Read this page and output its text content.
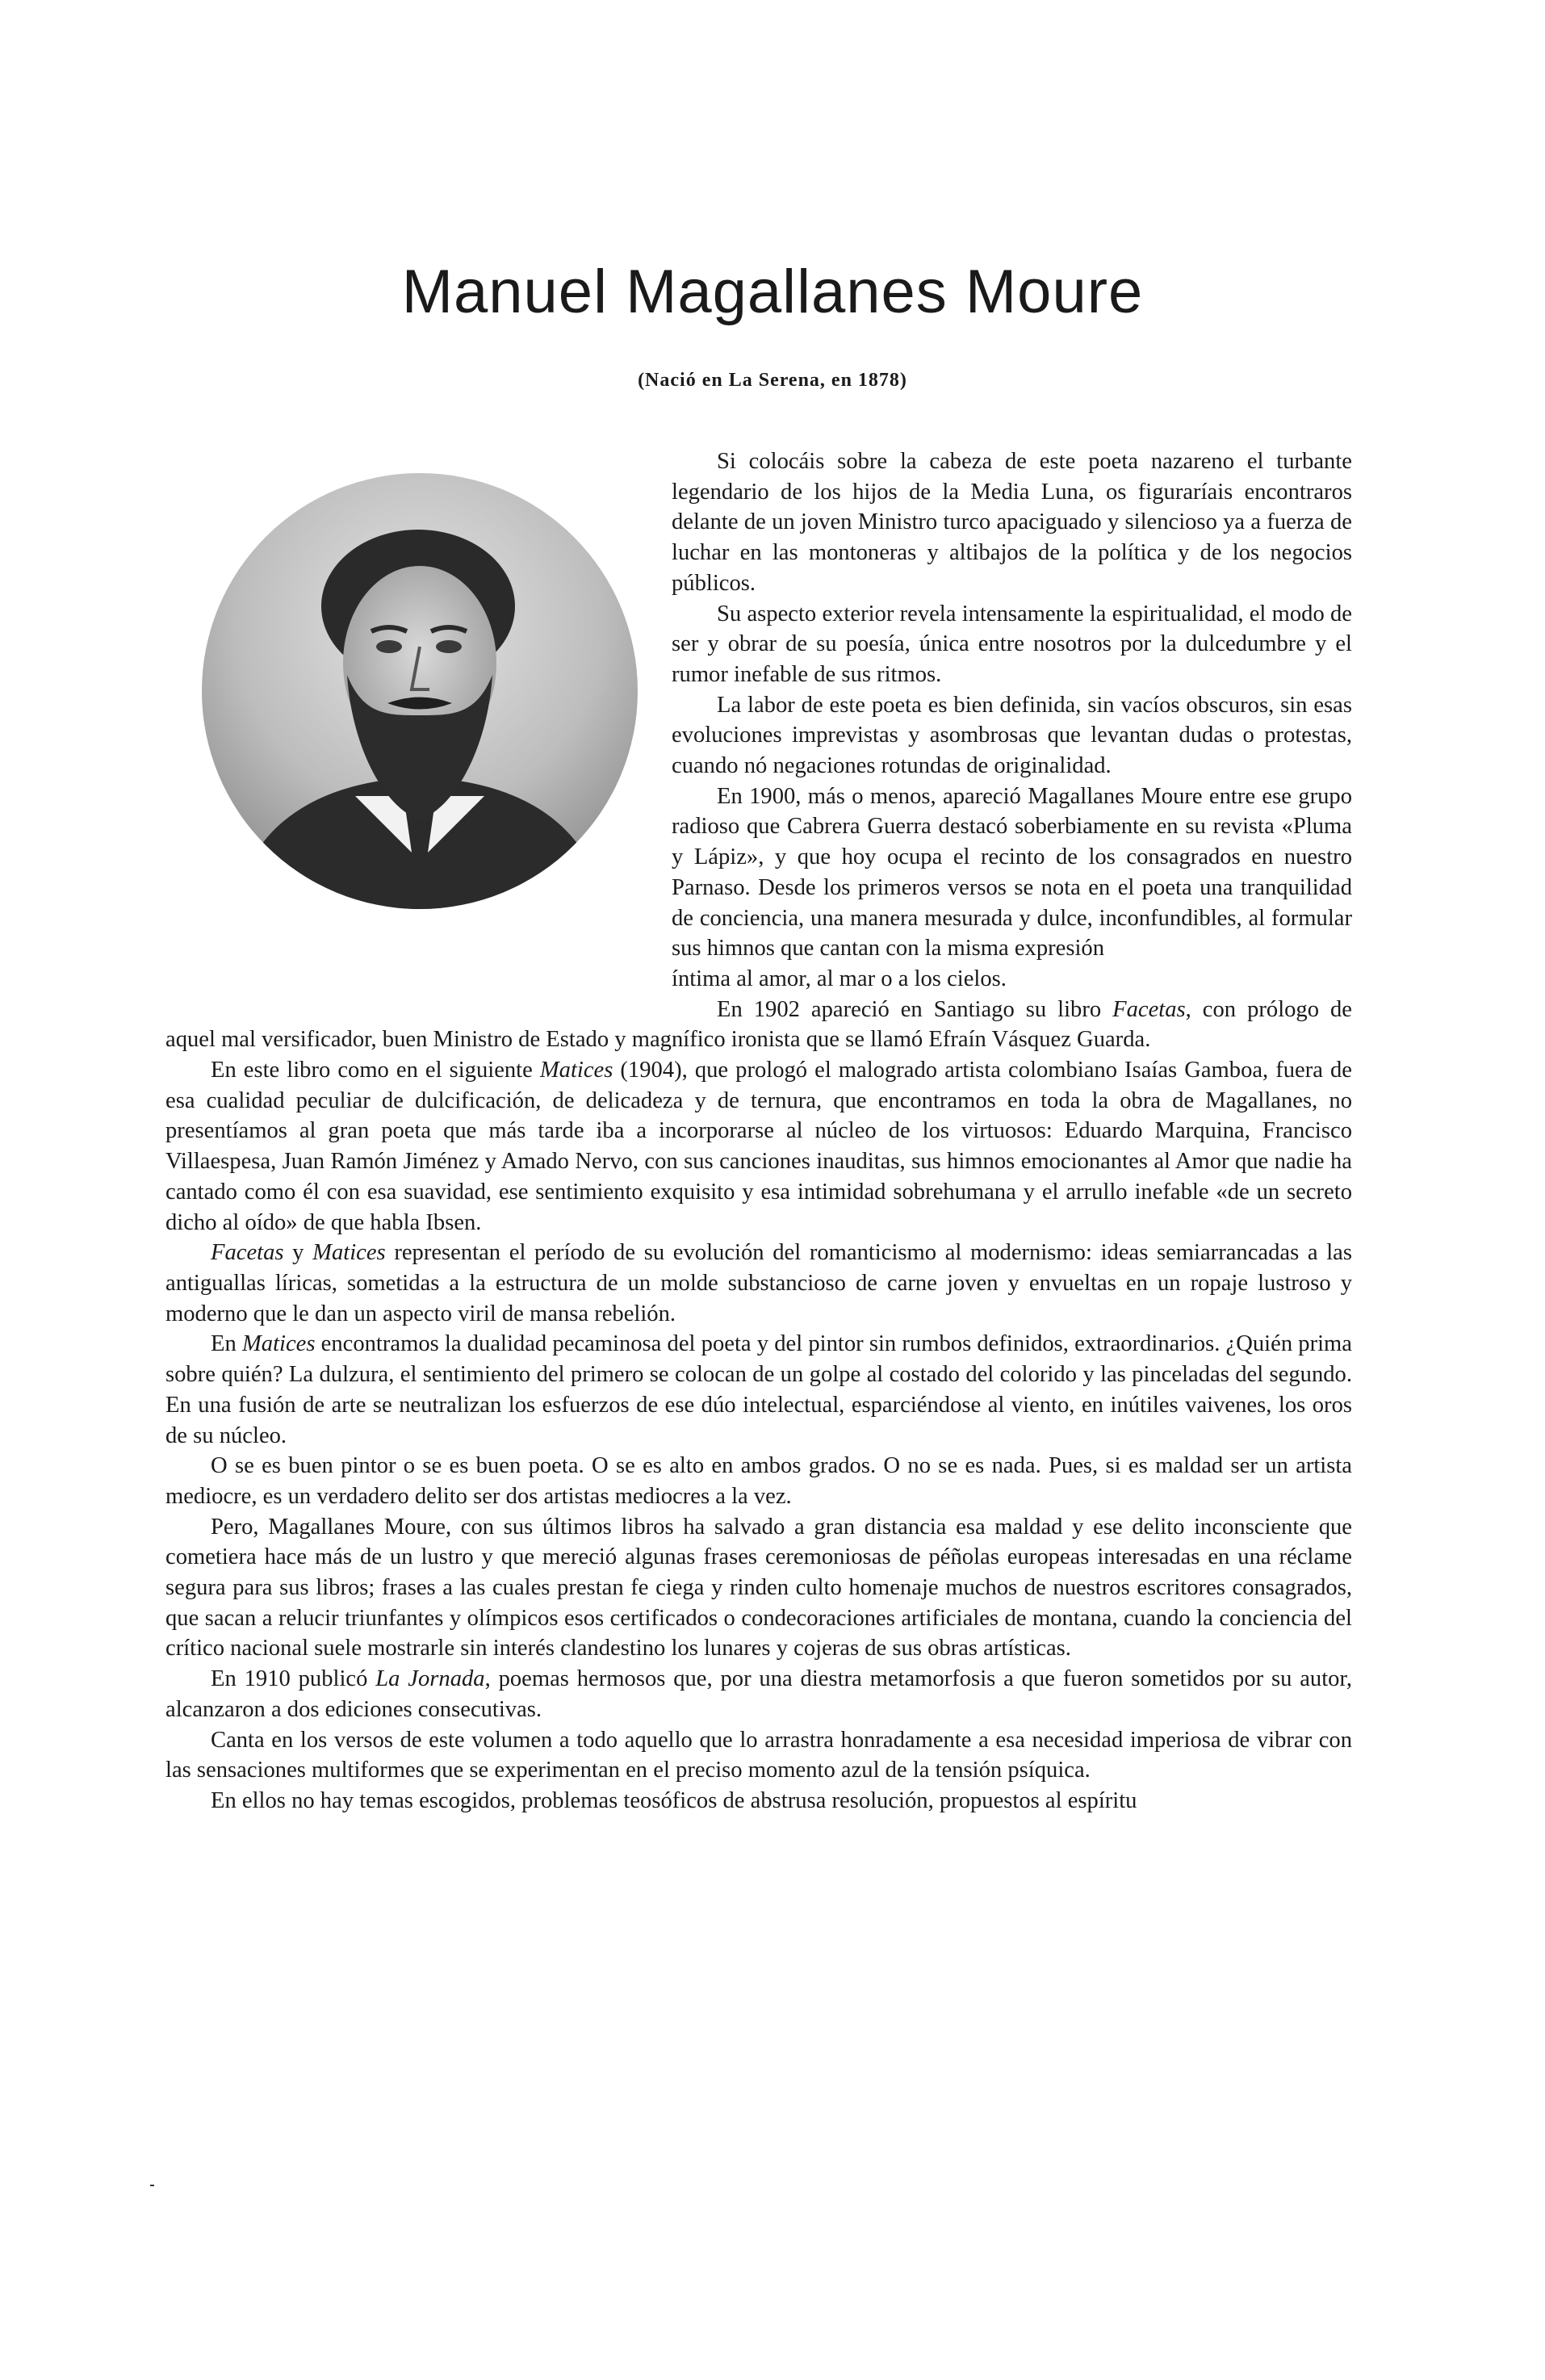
Manuel Magallanes Moure
(Nació en La Serena, en 1878)

Si colocáis sobre la cabeza de este poeta nazareno el turbante legendario de los hijos de la Media Luna, os figuraríais encontraros delante de un joven Ministro turco apaciguado y silencioso ya a fuerza de luchar en las montoneras y altibajos de la política y de los negocios públicos.

Su aspecto exterior revela intensamente la espiritualidad, el modo de ser y obrar de su poesía, única entre nosotros por la dulcedumbre y el rumor inefable de sus ritmos.

La labor de este poeta es bien definida, sin vacíos obscuros, sin esas evoluciones imprevistas y asombrosas que levantan dudas o protestas, cuando nó negaciones rotundas de originalidad.

En 1900, más o menos, apareció Magallanes Moure entre ese grupo radioso que Cabrera Guerra destacó soberbiamente en su revista «Pluma y Lápiz», y que hoy ocupa el recinto de los consagrados en nuestro Parnaso. Desde los primeros versos se nota en el poeta una tranquilidad de conciencia, una manera mesurada y dulce, inconfundibles, al formular sus himnos que cantan con la misma expresión

íntima al amor, al mar o a los cielos.

En 1902 apareció en Santiago su libro Facetas, con prólogo de aquel mal versificador, buen Ministro de Estado y magnífico ironista que se llamó Efraín Vásquez Guarda.

En este libro como en el siguiente Matices (1904), que prologó el malogrado artista colombiano Isaías Gamboa, fuera de esa cualidad peculiar de dulcificación, de delicadeza y de ternura, que encontramos en toda la obra de Magallanes, no presentíamos al gran poeta que más tarde iba a incorporarse al núcleo de los virtuosos: Eduardo Marquina, Francisco Villaespesa, Juan Ramón Jiménez y Amado Nervo, con sus canciones inauditas, sus himnos emocionantes al Amor que nadie ha cantado como él con esa suavidad, ese sentimiento exquisito y esa intimidad sobrehumana y el arrullo inefable «de un secreto dicho al oído» de que habla Ibsen.

Facetas y Matices representan el período de su evolución del romanticismo al modernismo: ideas semiarrancadas a las antiguallas líricas, sometidas a la estructura de un molde substancioso de carne joven y envueltas en un ropaje lustroso y moderno que le dan un aspecto viril de mansa rebelión.

En Matices encontramos la dualidad pecaminosa del poeta y del pintor sin rumbos definidos, extraordinarios. ¿Quién prima sobre quién? La dulzura, el sentimiento del primero se colocan de un golpe al costado del colorido y las pinceladas del segundo. En una fusión de arte se neutralizan los esfuerzos de ese dúo intelectual, esparciéndose al viento, en inútiles vaivenes, los oros de su núcleo.

O se es buen pintor o se es buen poeta. O se es alto en ambos grados. O no se es nada. Pues, si es maldad ser un artista mediocre, es un verdadero delito ser dos artistas mediocres a la vez.

Pero, Magallanes Moure, con sus últimos libros ha salvado a gran distancia esa maldad y ese delito inconsciente que cometiera hace más de un lustro y que mereció algunas frases ceremoniosas de péñolas europeas interesadas en una réclame segura para sus libros; frases a las cuales prestan fe ciega y rinden culto homenaje muchos de nuestros escritores consagrados, que sacan a relucir triunfantes y olímpicos esos certificados o condecoraciones artificiales de montana, cuando la conciencia del crítico nacional suele mostrarle sin interés clandestino los lunares y cojeras de sus obras artísticas.

En 1910 publicó La Jornada, poemas hermosos que, por una diestra metamorfosis a que fueron sometidos por su autor, alcanzaron a dos ediciones consecutivas.

Canta en los versos de este volumen a todo aquello que lo arrastra honradamente a esa necesidad imperiosa de vibrar con las sensaciones multiformes que se experimentan en el preciso momento azul de la tensión psíquica.

En ellos no hay temas escogidos, problemas teosóficos de abstrusa resolución, propuestos al espíritu
